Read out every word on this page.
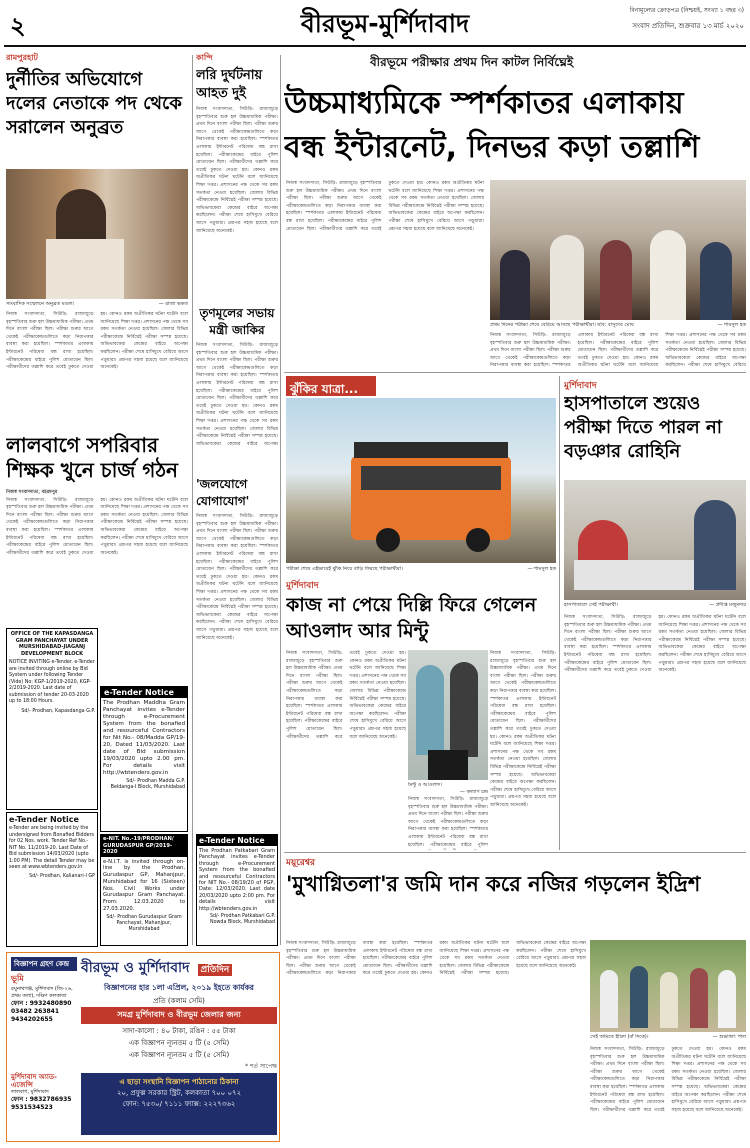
২	বীরভূম-মুর্শিদাবাদ	বিনামূল্যের ক্রোড়পত্র (নিশ্চয়ই, সংখ্যা ১ বছর ৩)
সংবাদ প্রতিদিন, শুক্রবার ১৩ মার্চ ২০২০
রামপুরহাট
দুর্নীতির অভিযোগে দলের নেতাকে পদ থেকে সরালেন অনুব্রত
সাংবাদিক সম্মেলনে অনুব্রত মণ্ডল।	— রাজা ভকত
নিজস্ব সংবাদদাতা, সিউড়ি: রাজ্যজুড়ে বৃহস্পতিবার শুরু হল উচ্চমাধ্যমিক পরীক্ষা। প্রথম দিনে বাংলা পরীক্ষা ছিল। পরীক্ষা শুরুর আগে থেকেই পরীক্ষাকেন্দ্রগুলিতে কড়া নিরাপত্তার ব্যবস্থা করা হয়েছিল। স্পর্শকাতর এলাকায় ইন্টারনেট পরিষেবা বন্ধ রাখা হয়েছিল। পরীক্ষাকেন্দ্রের বাইরে পুলিশ মোতায়েন ছিল। পরীক্ষার্থীদের তল্লাশি করে তবেই ঢুকতে দেওয়া হয়। কোনও রকম অপ্রীতিকর ঘটনা ঘটেনি বলে জানিয়েছে শিক্ষা দপ্তর। প্রশাসনের পক্ষ থেকে সব রকম সতর্কতা নেওয়া হয়েছিল। জেলার বিভিন্ন পরীক্ষাকেন্দ্রে নির্বিঘ্নেই পরীক্ষা সম্পন্ন হয়েছে। অভিভাবকেরা কেন্দ্রের বাইরে অপেক্ষা করছিলেন। পরীক্ষা শেষে হাসিমুখে বেরিয়ে আসে পড়ুয়ারা। প্রশ্নপত্র সহজ হয়েছে বলে জানিয়েছে অনেকেই।
লালবাগে সপরিবার শিক্ষক খুনে চার্জ গঠন
নিজস্ব সংবাদদাতা, বহরমপুর
নিজস্ব সংবাদদাতা, সিউড়ি: রাজ্যজুড়ে বৃহস্পতিবার শুরু হল উচ্চমাধ্যমিক পরীক্ষা। প্রথম দিনে বাংলা পরীক্ষা ছিল। পরীক্ষা শুরুর আগে থেকেই পরীক্ষাকেন্দ্রগুলিতে কড়া নিরাপত্তার ব্যবস্থা করা হয়েছিল। স্পর্শকাতর এলাকায় ইন্টারনেট পরিষেবা বন্ধ রাখা হয়েছিল। পরীক্ষাকেন্দ্রের বাইরে পুলিশ মোতায়েন ছিল। পরীক্ষার্থীদের তল্লাশি করে তবেই ঢুকতে দেওয়া হয়। কোনও রকম অপ্রীতিকর ঘটনা ঘটেনি বলে জানিয়েছে শিক্ষা দপ্তর। প্রশাসনের পক্ষ থেকে সব রকম সতর্কতা নেওয়া হয়েছিল। জেলার বিভিন্ন পরীক্ষাকেন্দ্রে নির্বিঘ্নেই পরীক্ষা সম্পন্ন হয়েছে। অভিভাবকেরা কেন্দ্রের বাইরে অপেক্ষা করছিলেন। পরীক্ষা শেষে হাসিমুখে বেরিয়ে আসে পড়ুয়ারা। প্রশ্নপত্র সহজ হয়েছে বলে জানিয়েছে অনেকেই।
OFFICE OF THE KAPASDANGA GRAM PANCHAYAT UNDER MURSHIDABAD-JIAGANJ DEVELOPMENT BLOCK
NOTICE INVITING e-Tender. e-Tender are invited through online by Bid System under following Tender (Vide) No: KGP-1/2019-2020, KGP-2/2019-2020. Last date of submission of tender 20-03-2020 up to 18:00 Hours.
Sd/- Prodhan, Kapasdanga G.P.
e-Tender Notice
e-Tender are being invited by the undersigned from Bonafied Bidders for 02 Nos. work. Tender Ref No.- NIT No. 11/2019-20. Last Date of Bid submission 14/03/2020 (upto 1:00 PM). The detail Tender may be seen at www.wbtenders.gov.in
Sd/- Prodhan, Kalianari-I GP
e-Tender Notice
The Prodhan Maddha Gram Panchayat invites e-Tender through e-Procurement System from the bonafied and resourceful Contractors for Nit No.- 08/Madda GP/19-20, Dated 11/03/2020. Last date of Bid submission 19/03/2020 upto 2.00 pm. For details visit http://wbtenders.gov.in
Sd/- Prodhan Madda G.P. Beldanga-I Block, Murshidabad
e-NIT. No.-19/PRODHAN/ GURUDASPUR GP/2019-2020
e-N.I.T. is invited through on-line by the Prodhan, Gurudaspur GP, Mahanjpur, Murshidabad for 16 (Sixteen) Nos. Civil Works under Gurudaspur Gram Panchayat. From: 12.03.2020 to 27.03.2020.
Sd/- Prodhan Gurudaspur Gram Panchayat, Mahanjpur, Murshidabad
কান্দি
লরি দুর্ঘটনায় আহত দুই
নিজস্ব সংবাদদাতা, সিউড়ি: রাজ্যজুড়ে বৃহস্পতিবার শুরু হল উচ্চমাধ্যমিক পরীক্ষা। প্রথম দিনে বাংলা পরীক্ষা ছিল। পরীক্ষা শুরুর আগে থেকেই পরীক্ষাকেন্দ্রগুলিতে কড়া নিরাপত্তার ব্যবস্থা করা হয়েছিল। স্পর্শকাতর এলাকায় ইন্টারনেট পরিষেবা বন্ধ রাখা হয়েছিল। পরীক্ষাকেন্দ্রের বাইরে পুলিশ মোতায়েন ছিল। পরীক্ষার্থীদের তল্লাশি করে তবেই ঢুকতে দেওয়া হয়। কোনও রকম অপ্রীতিকর ঘটনা ঘটেনি বলে জানিয়েছে শিক্ষা দপ্তর। প্রশাসনের পক্ষ থেকে সব রকম সতর্কতা নেওয়া হয়েছিল। জেলার বিভিন্ন পরীক্ষাকেন্দ্রে নির্বিঘ্নেই পরীক্ষা সম্পন্ন হয়েছে। অভিভাবকেরা কেন্দ্রের বাইরে অপেক্ষা করছিলেন। পরীক্ষা শেষে হাসিমুখে বেরিয়ে আসে পড়ুয়ারা। প্রশ্নপত্র সহজ হয়েছে বলে জানিয়েছে অনেকেই।
তৃণমূলের সভায় মন্ত্রী জাকির
নিজস্ব সংবাদদাতা, সিউড়ি: রাজ্যজুড়ে বৃহস্পতিবার শুরু হল উচ্চমাধ্যমিক পরীক্ষা। প্রথম দিনে বাংলা পরীক্ষা ছিল। পরীক্ষা শুরুর আগে থেকেই পরীক্ষাকেন্দ্রগুলিতে কড়া নিরাপত্তার ব্যবস্থা করা হয়েছিল। স্পর্শকাতর এলাকায় ইন্টারনেট পরিষেবা বন্ধ রাখা হয়েছিল। পরীক্ষাকেন্দ্রের বাইরে পুলিশ মোতায়েন ছিল। পরীক্ষার্থীদের তল্লাশি করে তবেই ঢুকতে দেওয়া হয়। কোনও রকম অপ্রীতিকর ঘটনা ঘটেনি বলে জানিয়েছে শিক্ষা দপ্তর। প্রশাসনের পক্ষ থেকে সব রকম সতর্কতা নেওয়া হয়েছিল। জেলার বিভিন্ন পরীক্ষাকেন্দ্রে নির্বিঘ্নেই পরীক্ষা সম্পন্ন হয়েছে। অভিভাবকেরা কেন্দ্রের বাইরে অপেক্ষা
'জলযোগে যোগাযোগ'
নিজস্ব সংবাদদাতা, সিউড়ি: রাজ্যজুড়ে বৃহস্পতিবার শুরু হল উচ্চমাধ্যমিক পরীক্ষা। প্রথম দিনে বাংলা পরীক্ষা ছিল। পরীক্ষা শুরুর আগে থেকেই পরীক্ষাকেন্দ্রগুলিতে কড়া নিরাপত্তার ব্যবস্থা করা হয়েছিল। স্পর্শকাতর এলাকায় ইন্টারনেট পরিষেবা বন্ধ রাখা হয়েছিল। পরীক্ষাকেন্দ্রের বাইরে পুলিশ মোতায়েন ছিল। পরীক্ষার্থীদের তল্লাশি করে তবেই ঢুকতে দেওয়া হয়। কোনও রকম অপ্রীতিকর ঘটনা ঘটেনি বলে জানিয়েছে শিক্ষা দপ্তর। প্রশাসনের পক্ষ থেকে সব রকম সতর্কতা নেওয়া হয়েছিল। জেলার বিভিন্ন পরীক্ষাকেন্দ্রে নির্বিঘ্নেই পরীক্ষা সম্পন্ন হয়েছে। অভিভাবকেরা কেন্দ্রের বাইরে অপেক্ষা করছিলেন। পরীক্ষা শেষে হাসিমুখে বেরিয়ে আসে পড়ুয়ারা। প্রশ্নপত্র সহজ হয়েছে বলে জানিয়েছে অনেকেই।
e-Tender Notice
The Prodhan Patkabari Gram Panchayat invites e-Tender through e-Procurement System from the bonafied and resourceful Contractors for NIT No.- 08/19/20 of PGP, Date: 12/03/2020. Last date 20/03/2020 upto 2:00 pm. For details visit http://wbtenders.gov.in
Sd/- Prodhan Patkabari G.P. Nowda Block, Murshidabad
বীরভূমে পরীক্ষার প্রথম দিন কাটল নির্বিঘ্নেই
উচ্চমাধ্যমিকে স্পর্শকাতর এলাকায়
বন্ধ ইন্টারনেট, দিনভর কড়া তল্লাশি
নিজস্ব সংবাদদাতা, সিউড়ি: রাজ্যজুড়ে বৃহস্পতিবার শুরু হল উচ্চমাধ্যমিক পরীক্ষা। প্রথম দিনে বাংলা পরীক্ষা ছিল। পরীক্ষা শুরুর আগে থেকেই পরীক্ষাকেন্দ্রগুলিতে কড়া নিরাপত্তার ব্যবস্থা করা হয়েছিল। স্পর্শকাতর এলাকায় ইন্টারনেট পরিষেবা বন্ধ রাখা হয়েছিল। পরীক্ষাকেন্দ্রের বাইরে পুলিশ মোতায়েন ছিল। পরীক্ষার্থীদের তল্লাশি করে তবেই ঢুকতে দেওয়া হয়। কোনও রকম অপ্রীতিকর ঘটনা ঘটেনি বলে জানিয়েছে শিক্ষা দপ্তর। প্রশাসনের পক্ষ থেকে সব রকম সতর্কতা নেওয়া হয়েছিল। জেলার বিভিন্ন পরীক্ষাকেন্দ্রে নির্বিঘ্নেই পরীক্ষা সম্পন্ন হয়েছে। অভিভাবকেরা কেন্দ্রের বাইরে অপেক্ষা করছিলেন। পরীক্ষা শেষে হাসিমুখে বেরিয়ে আসে পড়ুয়ারা। প্রশ্নপত্র সহজ হয়েছে বলে জানিয়েছে অনেকেই।
প্রথম দিনের পরীক্ষা শেষে বেরিয়ে আসছে পরীক্ষার্থীরা। ছবি: বাসুদেব ঘোষ	— শামসুল হক
নিজস্ব সংবাদদাতা, সিউড়ি: রাজ্যজুড়ে বৃহস্পতিবার শুরু হল উচ্চমাধ্যমিক পরীক্ষা। প্রথম দিনে বাংলা পরীক্ষা ছিল। পরীক্ষা শুরুর আগে থেকেই পরীক্ষাকেন্দ্রগুলিতে কড়া নিরাপত্তার ব্যবস্থা করা হয়েছিল। স্পর্শকাতর এলাকায় ইন্টারনেট পরিষেবা বন্ধ রাখা হয়েছিল। পরীক্ষাকেন্দ্রের বাইরে পুলিশ মোতায়েন ছিল। পরীক্ষার্থীদের তল্লাশি করে তবেই ঢুকতে দেওয়া হয়। কোনও রকম অপ্রীতিকর ঘটনা ঘটেনি বলে জানিয়েছে শিক্ষা দপ্তর। প্রশাসনের পক্ষ থেকে সব রকম সতর্কতা নেওয়া হয়েছিল। জেলার বিভিন্ন পরীক্ষাকেন্দ্রে নির্বিঘ্নেই পরীক্ষা সম্পন্ন হয়েছে। অভিভাবকেরা কেন্দ্রের বাইরে অপেক্ষা করছিলেন। পরীক্ষা শেষে হাসিমুখে বেরিয়ে
ঝুঁকির যাত্রা...
পরীক্ষা শেষে এইভাবেই ঝুঁকি নিয়ে বাড়ি ফিরছে পরীক্ষার্থীরা।	— শামসুল হক
মুর্শিদাবাদ
কাজ না পেয়ে দিল্লি ফিরে গেলেন আওলাদ আর মিন্টু
নিজস্ব সংবাদদাতা, সিউড়ি: রাজ্যজুড়ে বৃহস্পতিবার শুরু হল উচ্চমাধ্যমিক পরীক্ষা। প্রথম দিনে বাংলা পরীক্ষা ছিল। পরীক্ষা শুরুর আগে থেকেই পরীক্ষাকেন্দ্রগুলিতে কড়া নিরাপত্তার ব্যবস্থা করা হয়েছিল। স্পর্শকাতর এলাকায় ইন্টারনেট পরিষেবা বন্ধ রাখা হয়েছিল। পরীক্ষাকেন্দ্রের বাইরে পুলিশ মোতায়েন ছিল। পরীক্ষার্থীদের তল্লাশি করে তবেই ঢুকতে দেওয়া হয়। কোনও রকম অপ্রীতিকর ঘটনা ঘটেনি বলে জানিয়েছে শিক্ষা দপ্তর। প্রশাসনের পক্ষ থেকে সব রকম সতর্কতা নেওয়া হয়েছিল। জেলার বিভিন্ন পরীক্ষাকেন্দ্রে নির্বিঘ্নেই পরীক্ষা সম্পন্ন হয়েছে। অভিভাবকেরা কেন্দ্রের বাইরে অপেক্ষা করছিলেন। পরীক্ষা শেষে হাসিমুখে বেরিয়ে আসে পড়ুয়ারা। প্রশ্নপত্র সহজ হয়েছে বলে জানিয়েছে অনেকেই।
মিন্টু ও আওলাদ।
— কল্যাণ চন্দ্র
নিজস্ব সংবাদদাতা, সিউড়ি: রাজ্যজুড়ে বৃহস্পতিবার শুরু হল উচ্চমাধ্যমিক পরীক্ষা। প্রথম দিনে বাংলা পরীক্ষা ছিল। পরীক্ষা শুরুর আগে থেকেই পরীক্ষাকেন্দ্রগুলিতে কড়া নিরাপত্তার ব্যবস্থা করা হয়েছিল। স্পর্শকাতর এলাকায় ইন্টারনেট পরিষেবা বন্ধ রাখা হয়েছিল। পরীক্ষাকেন্দ্রের বাইরে পুলিশ মোতায়েন ছিল। পরীক্ষার্থীদের তল্লাশি করে তবেই ঢুকতে দেওয়া হয়। কোনও রকম অপ্রীতিকর ঘটনা ঘটেনি বলে জানিয়েছে শিক্ষা দপ্তর। প্রশাসনের পক্ষ থেকে সব রকম সতর্কতা নেওয়া হয়েছিল। জেলার বিভিন্ন পরীক্ষাকেন্দ্রে নির্বিঘ্নেই পরীক্ষা সম্পন্ন হয়েছে। অভিভাবকেরা কেন্দ্রের বাইরে অপেক্ষা করছিলেন। পরীক্ষা শেষে হাসিমুখে বেরিয়ে আসে পড়ুয়ারা। প্রশ্নপত্র সহজ হয়েছে বলে জানিয়েছে অনেকেই।
নিজস্ব সংবাদদাতা, সিউড়ি: রাজ্যজুড়ে বৃহস্পতিবার শুরু হল উচ্চমাধ্যমিক পরীক্ষা। প্রথম দিনে বাংলা পরীক্ষা ছিল। পরীক্ষা শুরুর আগে থেকেই পরীক্ষাকেন্দ্রগুলিতে কড়া নিরাপত্তার ব্যবস্থা করা হয়েছিল। স্পর্শকাতর এলাকায় ইন্টারনেট পরিষেবা বন্ধ রাখা হয়েছিল। পরীক্ষাকেন্দ্রের বাইরে পুলিশ
মুর্শিদাবাদ
হাসপাতালে শুয়েও পরীক্ষা দিতে পারল না বড়ঞার রোহিনি
হাসপাতালে সেই পরীক্ষার্থী।	— প্রদীপ্ত মজুমদার
নিজস্ব সংবাদদাতা, সিউড়ি: রাজ্যজুড়ে বৃহস্পতিবার শুরু হল উচ্চমাধ্যমিক পরীক্ষা। প্রথম দিনে বাংলা পরীক্ষা ছিল। পরীক্ষা শুরুর আগে থেকেই পরীক্ষাকেন্দ্রগুলিতে কড়া নিরাপত্তার ব্যবস্থা করা হয়েছিল। স্পর্শকাতর এলাকায় ইন্টারনেট পরিষেবা বন্ধ রাখা হয়েছিল। পরীক্ষাকেন্দ্রের বাইরে পুলিশ মোতায়েন ছিল। পরীক্ষার্থীদের তল্লাশি করে তবেই ঢুকতে দেওয়া হয়। কোনও রকম অপ্রীতিকর ঘটনা ঘটেনি বলে জানিয়েছে শিক্ষা দপ্তর। প্রশাসনের পক্ষ থেকে সব রকম সতর্কতা নেওয়া হয়েছিল। জেলার বিভিন্ন পরীক্ষাকেন্দ্রে নির্বিঘ্নেই পরীক্ষা সম্পন্ন হয়েছে। অভিভাবকেরা কেন্দ্রের বাইরে অপেক্ষা করছিলেন। পরীক্ষা শেষে হাসিমুখে বেরিয়ে আসে পড়ুয়ারা। প্রশ্নপত্র সহজ হয়েছে বলে জানিয়েছে অনেকেই।
ময়ূরেশ্বর
'মুখাগ্নিতলা'র জমি দান করে নজির গড়লেন ইদ্রিশ
নিজস্ব সংবাদদাতা, সিউড়ি: রাজ্যজুড়ে বৃহস্পতিবার শুরু হল উচ্চমাধ্যমিক পরীক্ষা। প্রথম দিনে বাংলা পরীক্ষা ছিল। পরীক্ষা শুরুর আগে থেকেই পরীক্ষাকেন্দ্রগুলিতে কড়া নিরাপত্তার ব্যবস্থা করা হয়েছিল। স্পর্শকাতর এলাকায় ইন্টারনেট পরিষেবা বন্ধ রাখা হয়েছিল। পরীক্ষাকেন্দ্রের বাইরে পুলিশ মোতায়েন ছিল। পরীক্ষার্থীদের তল্লাশি করে তবেই ঢুকতে দেওয়া হয়। কোনও রকম অপ্রীতিকর ঘটনা ঘটেনি বলে জানিয়েছে শিক্ষা দপ্তর। প্রশাসনের পক্ষ থেকে সব রকম সতর্কতা নেওয়া হয়েছিল। জেলার বিভিন্ন পরীক্ষাকেন্দ্রে নির্বিঘ্নেই পরীক্ষা সম্পন্ন হয়েছে। অভিভাবকেরা কেন্দ্রের বাইরে অপেক্ষা করছিলেন। পরীক্ষা শেষে হাসিমুখে বেরিয়ে আসে পড়ুয়ারা। প্রশ্নপত্র সহজ হয়েছে বলে জানিয়েছে অনেকেই।
সেই জমিতে ইদ্রিশ (বাঁ দিকে)।	— শুভজিৎ পাল
নিজস্ব সংবাদদাতা, সিউড়ি: রাজ্যজুড়ে বৃহস্পতিবার শুরু হল উচ্চমাধ্যমিক পরীক্ষা। প্রথম দিনে বাংলা পরীক্ষা ছিল। পরীক্ষা শুরুর আগে থেকেই পরীক্ষাকেন্দ্রগুলিতে কড়া নিরাপত্তার ব্যবস্থা করা হয়েছিল। স্পর্শকাতর এলাকায় ইন্টারনেট পরিষেবা বন্ধ রাখা হয়েছিল। পরীক্ষাকেন্দ্রের বাইরে পুলিশ মোতায়েন ছিল। পরীক্ষার্থীদের তল্লাশি করে তবেই ঢুকতে দেওয়া হয়। কোনও রকম অপ্রীতিকর ঘটনা ঘটেনি বলে জানিয়েছে শিক্ষা দপ্তর। প্রশাসনের পক্ষ থেকে সব রকম সতর্কতা নেওয়া হয়েছিল। জেলার বিভিন্ন পরীক্ষাকেন্দ্রে নির্বিঘ্নেই পরীক্ষা সম্পন্ন হয়েছে। অভিভাবকেরা কেন্দ্রের বাইরে অপেক্ষা করছিলেন। পরীক্ষা শেষে হাসিমুখে বেরিয়ে আসে পড়ুয়ারা। প্রশ্নপত্র সহজ হয়েছে বলে জানিয়েছে অনেকেই।
বিজ্ঞাপন গ্রহণ কেন্দ্র বীরভূম ও মুর্শিদাবাদ প্রতিদিন
ভূমি
রঘুনাথগঞ্জ, মুর্শিদাবাদ (জি-২৬, প্রথম তলা), দক্ষিণ কলকাতা
ফোন : 9932480890 03482 263841 9434202655
মুর্শিদাবাদ অ্যাড-এজেন্সি
লালবাগ, মুর্শিদাবাদ
ফোন : 9832786935 9531534523
বিজ্ঞাপনের হার ১লা এপ্রিল, ২০১৯ ইহতে কার্যকর
প্রতি (কলাম সেমি)
সমগ্র মুর্শিদাবাদ ও বীরভূম জেলার জন্য
সাদা-কালো : ৪০ টাকা, রঙিন : ৫৫ টাকা
এক বিজ্ঞাপন ন্যূনতম ৫ টি (৫ সেমি)
এক বিজ্ঞাপন ন্যূনতম ৫ টি (৫ সেমি)
* শর্ত সাপেক্ষ
এ ছাড়া সংস্থানি বিজ্ঞাপন পাঠানোর ঠিকানা
২০, প্রফুল্ল সরকার স্ট্রিট, কলকাতা ৭০০ ০৭২
ফোন: ৭৫৩০/ ৭১১১ ফ্যাক্স: ২২২৭৩৬২
